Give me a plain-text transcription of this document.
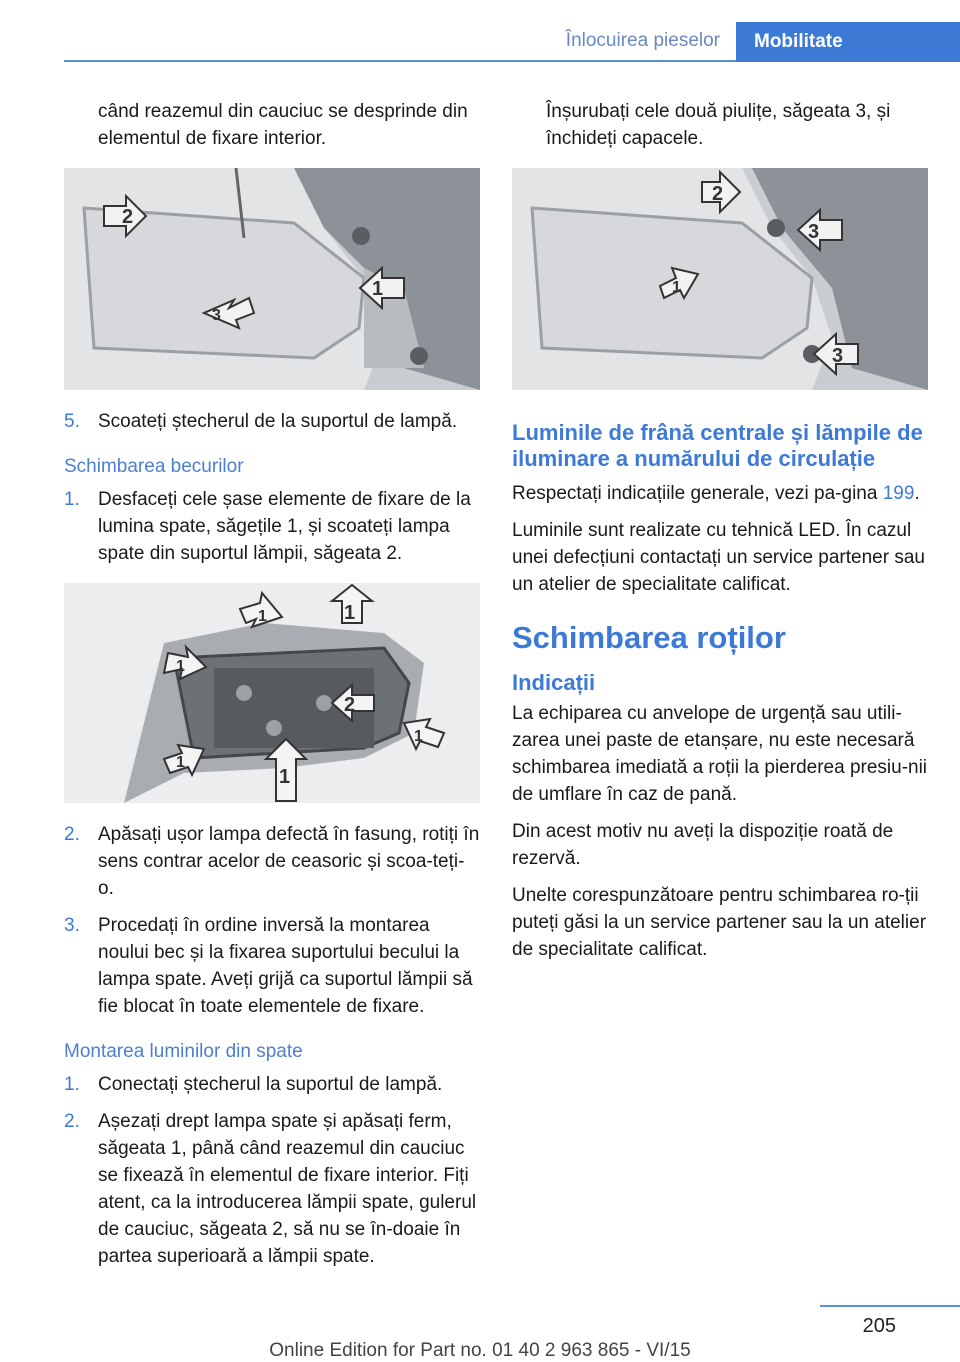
Înlocuirea pieselor	Mobilitate

când reazemul din cauciuc se desprinde din elementul de fixare interior.

2
1
3
5. Scoateți ștecherul de la suportul de lampă.
Schimbarea becurilor
1. Desfaceți cele șase elemente de fixare de la lumina spate, săgețile 1, și scoateți lampa spate din suportul lămpii, săgeata 2.
1	1
1
2
1
1
1
2. Apăsați ușor lampa defectă în fasung, rotiți în sens contrar acelor de ceasoric și scoa-teți-o.
3. Procedați în ordine inversă la montarea noului bec și la fixarea suportului becului la lampa spate. Aveți grijă ca suportul lămpii să fie blocat în toate elementele de fixare.
Montarea luminilor din spate
1. Conectați ștecherul la suportul de lampă.
2. Așezați drept lampa spate și apăsați ferm, săgeata 1, până când reazemul din cauciuc se fixează în elementul de fixare interior. Fiți atent, ca la introducerea lămpii spate, gulerul de cauciuc, săgeata 2, să nu se în-doaie în partea superioară a lămpii spate.

Înșurubați cele două piulițe, săgeata 3, și închideți capacele.

2
3
1
3
Luminile de frână centrale și lămpile de iluminare a numărului de circulație

Respectați indicațiile generale, vezi pa-gina 199.

Luminile sunt realizate cu tehnică LED. În cazul unei defecțiuni contactați un service partener sau un atelier de specialitate calificat.

Schimbarea roților
Indicații

La echiparea cu anvelope de urgență sau utili-zarea unei paste de etanșare, nu este necesară schimbarea imediată a roții la pierderea presiu-nii de umflare în caz de pană.

Din acest motiv nu aveți la dispoziție roată de rezervă.

Unelte corespunzătoare pentru schimbarea ro-ții puteți găsi la un service partener sau la un atelier de specialitate calificat.

205
Online Edition for Part no. 01 40 2 963 865 - VI/15
